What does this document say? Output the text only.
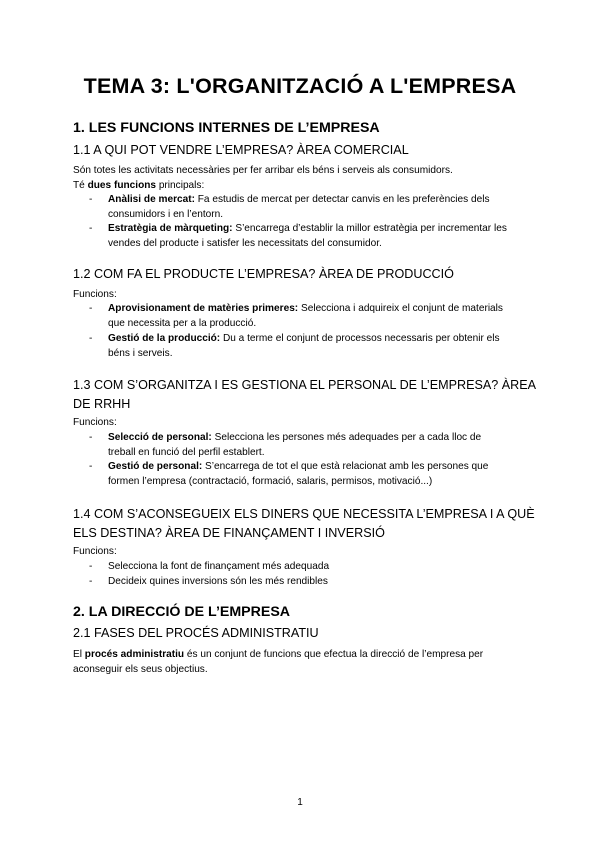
TEMA 3: L'ORGANITZACIÓ A L'EMPRESA
1. LES FUNCIONS INTERNES DE L’EMPRESA
1.1 A QUI POT VENDRE L’EMPRESA? ÀREA COMERCIAL
Són totes les activitats necessàries per fer arribar els béns i serveis als consumidors.
Té dues funcions principals:
- Anàlisi de mercat: Fa estudis de mercat per detectar canvis en les preferències dels consumidors i en l’entorn.
- Estratègia de màrqueting: S’encarrega d’establir la millor estratègia per incrementar les vendes del producte i satisfer les necessitats del consumidor.
1.2 COM FA EL PRODUCTE L’EMPRESA? ÀREA DE PRODUCCIÓ
Funcions:
- Aprovisionament de matèries primeres: Selecciona i adquireix el conjunt de materials que necessita per a la producció.
- Gestió de la producció: Du a terme el conjunt de processos necessaris per obtenir els béns i serveis.
1.3 COM S’ORGANITZA I ES GESTIONA EL PERSONAL DE L’EMPRESA? ÀREA DE RRHH
Funcions:
- Selecció de personal: Selecciona les persones més adequades per a cada lloc de treball en funció del perfil establert.
- Gestió de personal: S’encarrega de tot el que està relacionat amb les persones que formen l’empresa (contractació, formació, salaris, permisos, motivació...)
1.4 COM S’ACONSEGUEIX ELS DINERS QUE NECESSITA L’EMPRESA I A QUÈ ELS DESTINA? ÀREA DE FINANÇAMENT I INVERSIÓ
Funcions:
- Selecciona la font de finançament més adequada
- Decideix quines inversions són les més rendibles
2. LA DIRECCIÓ DE L’EMPRESA
2.1 FASES DEL PROCÉS ADMINISTRATIU
El procés administratiu és un conjunt de funcions que efectua la direcció de l’empresa per aconseguir els seus objectius.
1
